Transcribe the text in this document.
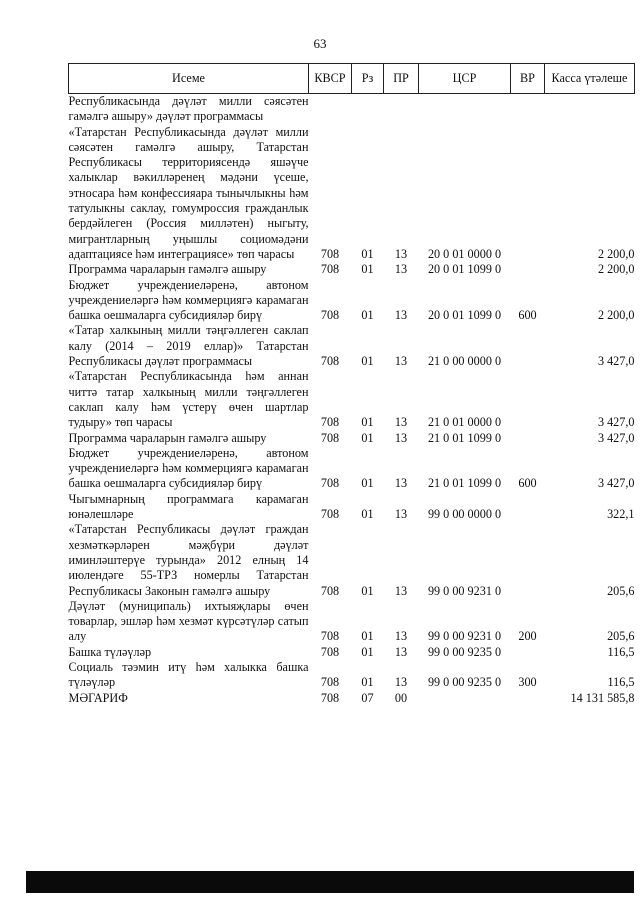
63
Исеме	КВСР	Рз	ПР	ЦСР	ВР	Касса үтәлеше
Республикасында дәүләт милли сәясәтен гамәлгә ашыру» дәүләт программасы						
«Татарстан Республикасында дәүләт милли сәясәтен гамәлгә ашыру, Татарстан Республикасы территориясендә яшәүче халыклар вәкилләренең мәдәни үсеше, этносара һәм конфессияара тынычлыкны һәм татулыкны саклау, гомумроссия гражданлык бердәйлеген (Россия милләтен) ныгыту, мигрантларның уңышлы социомәдәни адаптациясе һәм интеграциясе» төп чарасы	708	01	13	20 0 01 0000 0		2 200,0
Программа чараларын гамәлгә ашыру	708	01	13	20 0 01 1099 0		2 200,0
Бюджет учреждениеләренә, автоном учреждениеләргә һәм коммерциягә карамаган башка оешмаларга субсидияләр бирү	708	01	13	20 0 01 1099 0	600	2 200,0
«Татар халкының милли тәңгәллеген саклап калу (2014 – 2019 еллар)» Татарстан Республикасы дәүләт программасы	708	01	13	21 0 00 0000 0		3 427,0
«Татарстан Республикасында һәм аннан читтә татар халкының милли тәңгәллеген саклап калу һәм үстерү өчен шартлар тудыру» төп чарасы	708	01	13	21 0 01 0000 0		3 427,0
Программа чараларын гамәлгә ашыру	708	01	13	21 0 01 1099 0		3 427,0
Бюджет учреждениеләренә, автоном учреждениеләргә һәм коммерциягә карамаган башка оешмаларга субсидияләр бирү	708	01	13	21 0 01 1099 0	600	3 427,0
Чыгымнарның программага карамаган юнәлешләре	708	01	13	99 0 00 0000 0		322,1
«Татарстан Республикасы дәүләт граждан хезмәткәрләрен мәҗбүри дәүләт иминләштерүе турында» 2012 елның 14 июлендәге 55-ТРЗ номерлы Татарстан Республикасы Законын гамәлгә ашыру	708	01	13	99 0 00 9231 0		205,6
Дәүләт (муниципаль) ихтыяҗлары өчен товарлар, эшләр һәм хезмәт күрсәтүләр сатып алу	708	01	13	99 0 00 9231 0	200	205,6
Башка түләүләр	708	01	13	99 0 00 9235 0		116,5
Социаль тәэмин итү һәм халыкка башка түләүләр	708	01	13	99 0 00 9235 0	300	116,5
МӘГАРИФ	708	07	00			14 131 585,8
